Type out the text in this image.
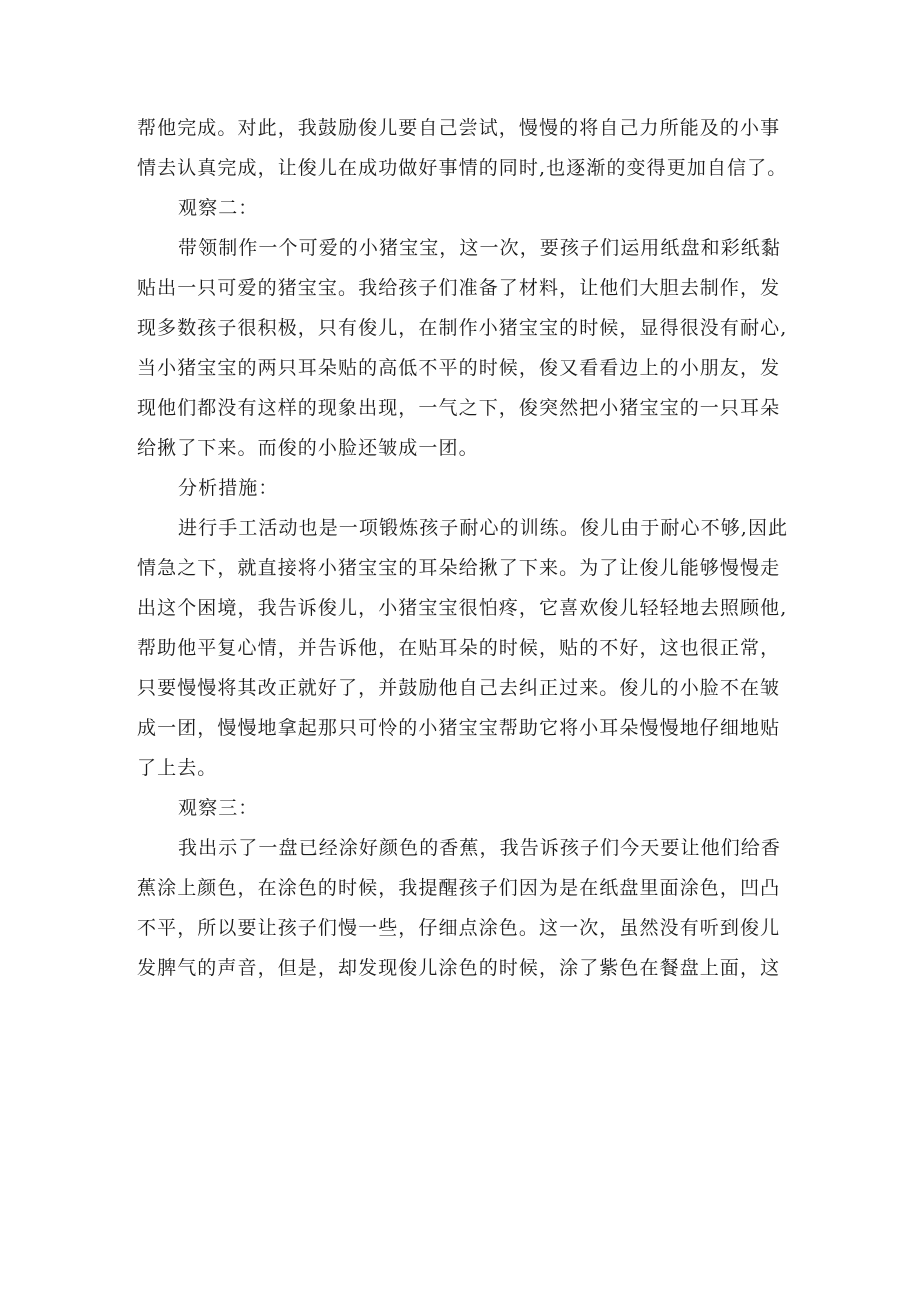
帮他完成。对此，我鼓励俊儿要自己尝试，慢慢的将自己力所能及的小事
情去认真完成，让俊儿在成功做好事情的同时,也逐渐的变得更加自信了。
观察二：
带领制作一个可爱的小猪宝宝，这一次，要孩子们运用纸盘和彩纸黏
贴出一只可爱的猪宝宝。我给孩子们准备了材料，让他们大胆去制作，发
现多数孩子很积极，只有俊儿，在制作小猪宝宝的时候，显得很没有耐心,
当小猪宝宝的两只耳朵贴的高低不平的时候，俊又看看边上的小朋友，发
现他们都没有这样的现象出现，一气之下，俊突然把小猪宝宝的一只耳朵
给揪了下来。而俊的小脸还皱成一团。
分析措施：
进行手工活动也是一项锻炼孩子耐心的训练。俊儿由于耐心不够,因此
情急之下，就直接将小猪宝宝的耳朵给揪了下来。为了让俊儿能够慢慢走
出这个困境，我告诉俊儿，小猪宝宝很怕疼，它喜欢俊儿轻轻地去照顾他,
帮助他平复心情，并告诉他，在贴耳朵的时候，贴的不好，这也很正常，
只要慢慢将其改正就好了，并鼓励他自己去纠正过来。俊儿的小脸不在皱
成一团，慢慢地拿起那只可怜的小猪宝宝帮助它将小耳朵慢慢地仔细地贴
了上去。
观察三：
我出示了一盘已经涂好颜色的香蕉，我告诉孩子们今天要让他们给香
蕉涂上颜色，在涂色的时候，我提醒孩子们因为是在纸盘里面涂色，凹凸
不平，所以要让孩子们慢一些，仔细点涂色。这一次，虽然没有听到俊儿
发脾气的声音，但是，却发现俊儿涂色的时候，涂了紫色在餐盘上面，这
